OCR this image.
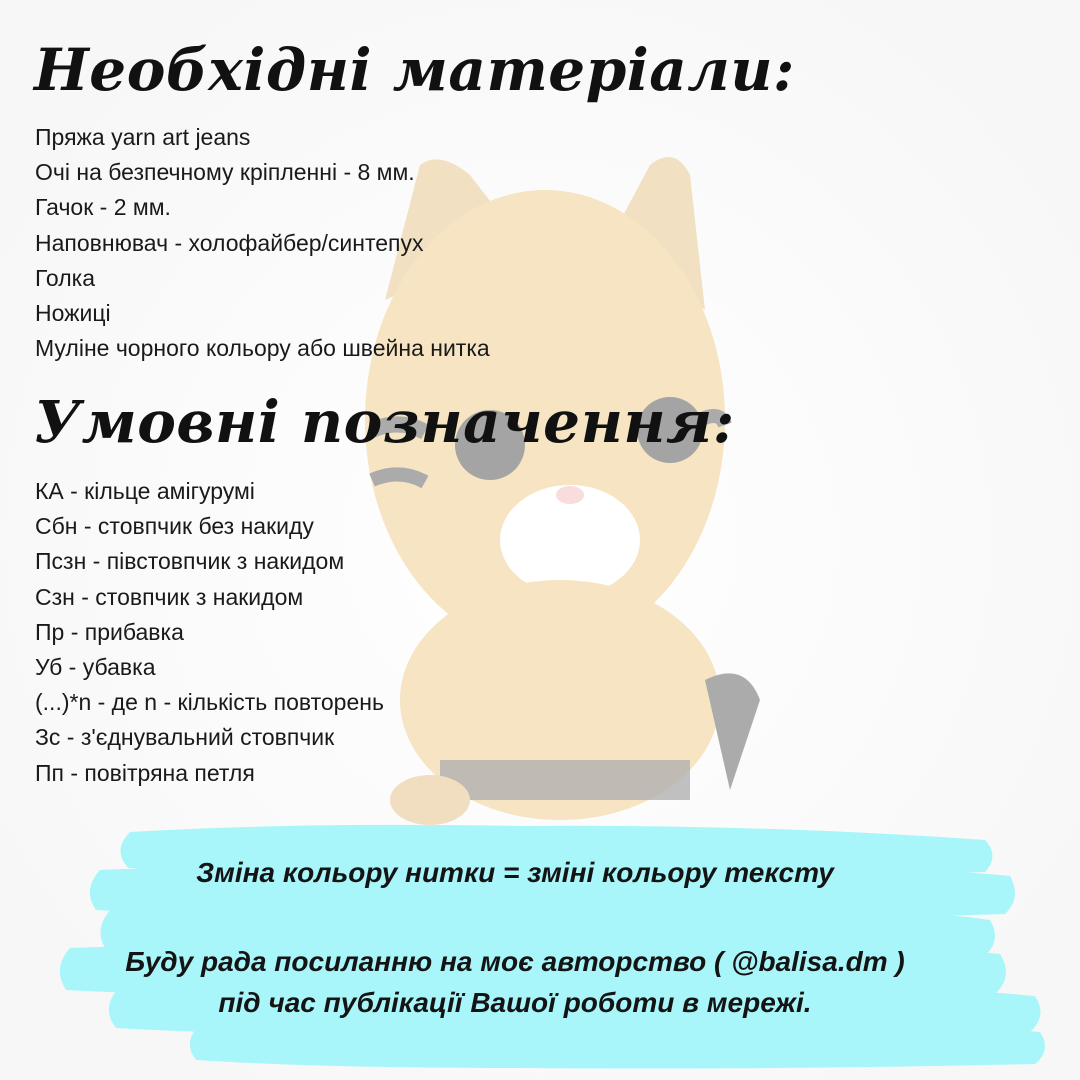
Необхідні матеріали:
Пряжа yarn art jeans
Очі на безпечному кріпленні - 8 мм.
Гачок - 2 мм.
Наповнювач - холофайбер/синтепух
Голка
Ножиці
Муліне чорного кольору або швейна нитка
Умовні позначення:
КА - кільце амігурумі
Сбн - стовпчик без накиду
Псзн - півстовпчик з накидом
Сзн - стовпчик з накидом
Пр - прибавка
Уб - убавка
(...)*n - де n - кількість повторень
Зс - з'єднувальний стовпчик
Пп - повітряна петля
Зміна кольору нитки = зміні кольору тексту
Буду рада посиланню на моє авторство ( @balisa.dm )
під час публікації Вашої роботи в мережі.
